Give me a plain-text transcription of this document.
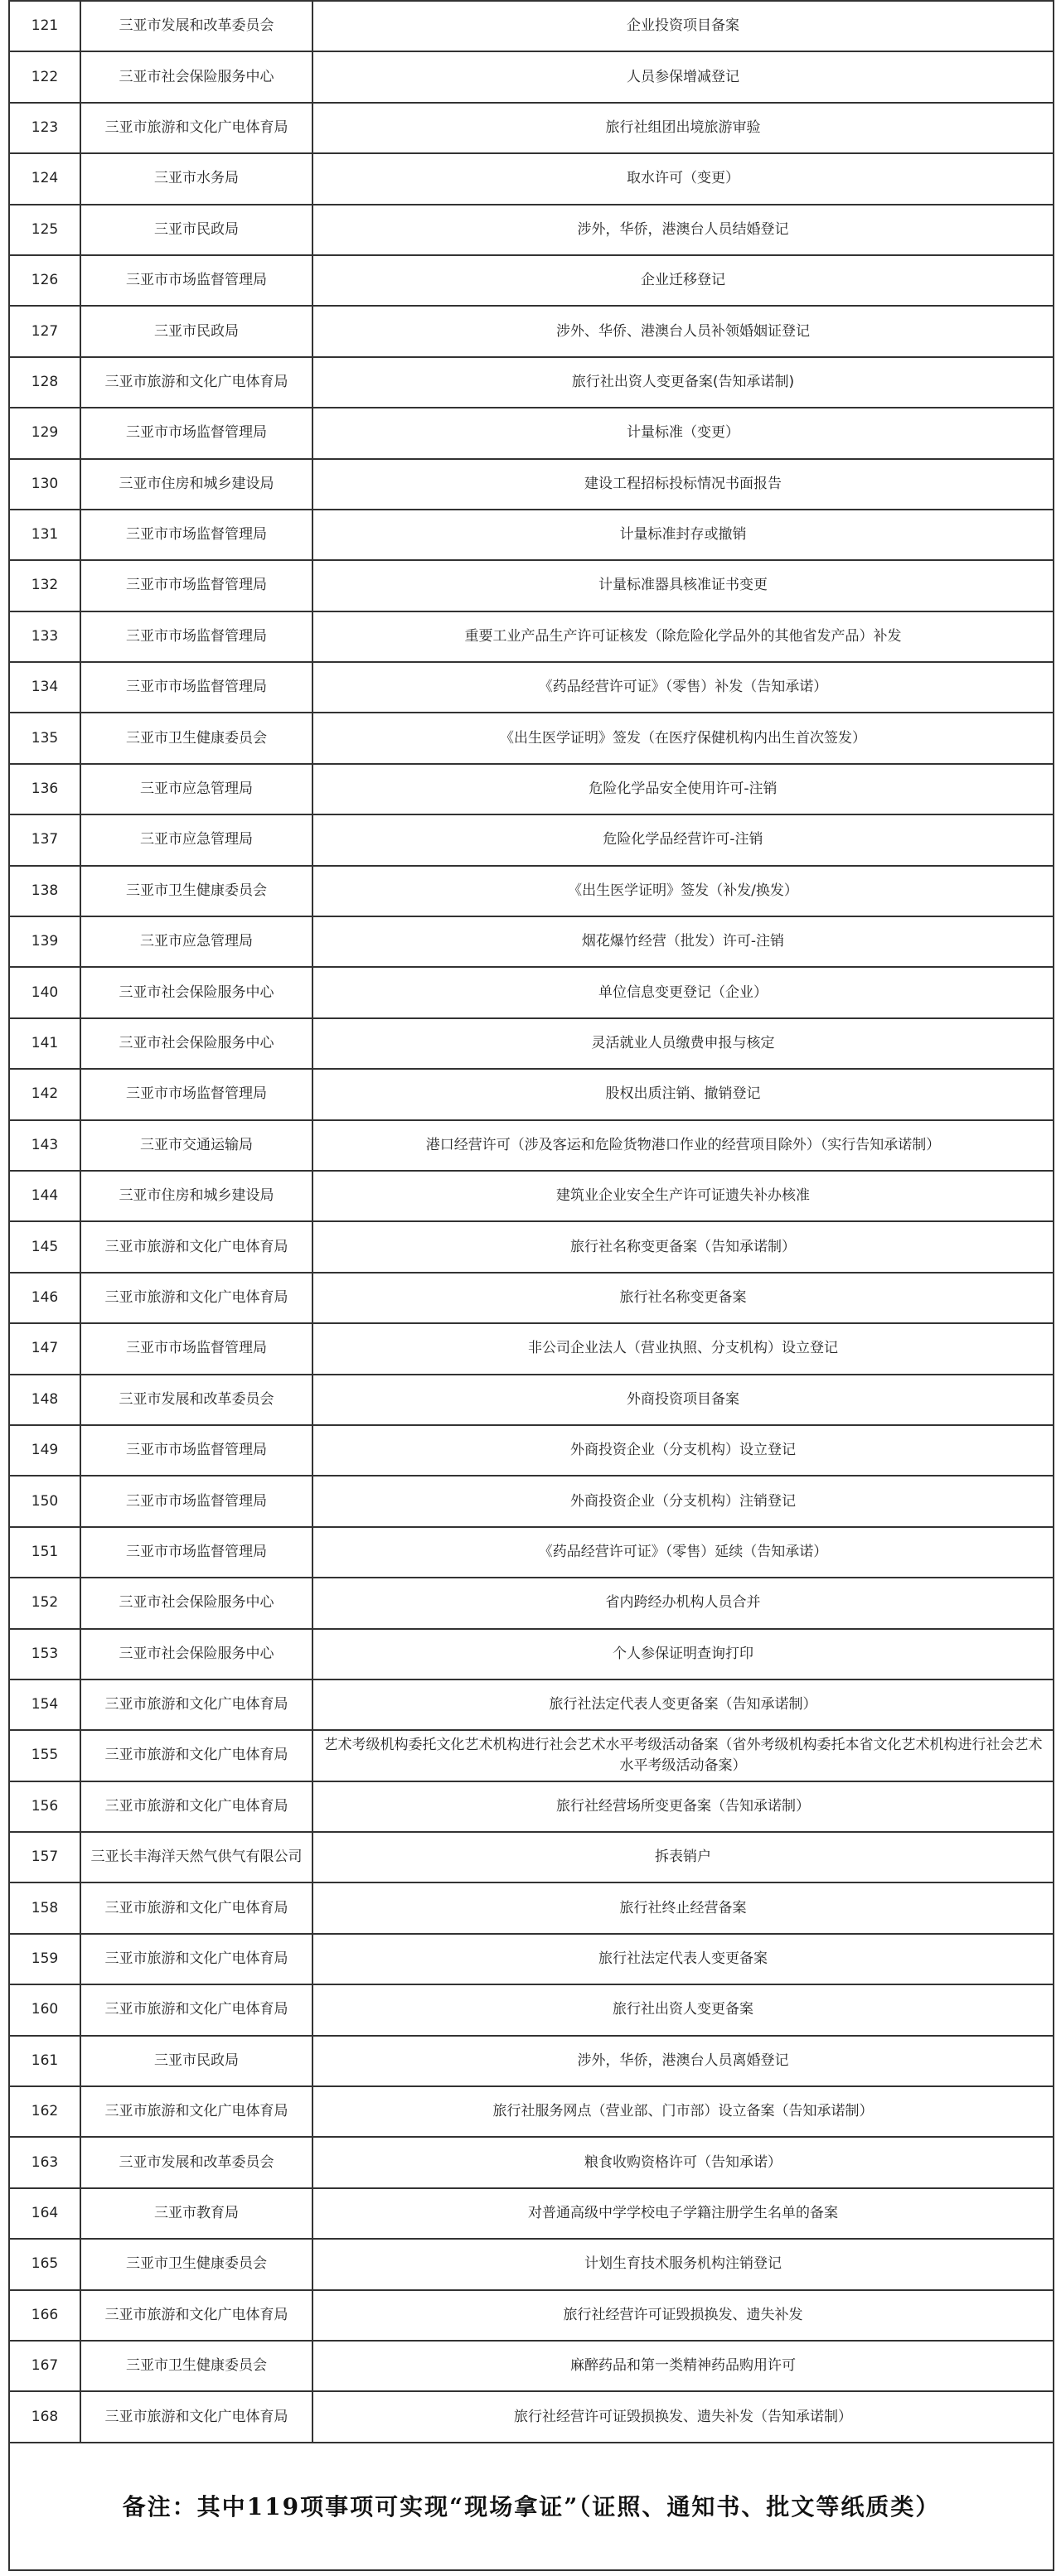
121	三亚市发展和改革委员会	企业投资项目备案
122	三亚市社会保险服务中心	人员参保增减登记
123	三亚市旅游和文化广电体育局	旅行社组团出境旅游审验
124	三亚市水务局	取水许可（变更）
125	三亚市民政局	涉外，华侨，港澳台人员结婚登记
126	三亚市市场监督管理局	企业迁移登记
127	三亚市民政局	涉外、华侨、港澳台人员补领婚姻证登记
128	三亚市旅游和文化广电体育局	旅行社出资人变更备案(告知承诺制)
129	三亚市市场监督管理局	计量标准（变更）
130	三亚市住房和城乡建设局	建设工程招标投标情况书面报告
131	三亚市市场监督管理局	计量标准封存或撤销
132	三亚市市场监督管理局	计量标准器具核准证书变更
133	三亚市市场监督管理局	重要工业产品生产许可证核发（除危险化学品外的其他省发产品）补发
134	三亚市市场监督管理局	《药品经营许可证》（零售）补发（告知承诺）
135	三亚市卫生健康委员会	《出生医学证明》签发（在医疗保健机构内出生首次签发）
136	三亚市应急管理局	危险化学品安全使用许可-注销
137	三亚市应急管理局	危险化学品经营许可-注销
138	三亚市卫生健康委员会	《出生医学证明》签发（补发/换发）
139	三亚市应急管理局	烟花爆竹经营（批发）许可-注销
140	三亚市社会保险服务中心	单位信息变更登记（企业）
141	三亚市社会保险服务中心	灵活就业人员缴费申报与核定
142	三亚市市场监督管理局	股权出质注销、撤销登记
143	三亚市交通运输局	港口经营许可（涉及客运和危险货物港口作业的经营项目除外）（实行告知承诺制）
144	三亚市住房和城乡建设局	建筑业企业安全生产许可证遗失补办核准
145	三亚市旅游和文化广电体育局	旅行社名称变更备案（告知承诺制）
146	三亚市旅游和文化广电体育局	旅行社名称变更备案
147	三亚市市场监督管理局	非公司企业法人（营业执照、分支机构）设立登记
148	三亚市发展和改革委员会	外商投资项目备案
149	三亚市市场监督管理局	外商投资企业（分支机构）设立登记
150	三亚市市场监督管理局	外商投资企业（分支机构）注销登记
151	三亚市市场监督管理局	《药品经营许可证》（零售）延续（告知承诺）
152	三亚市社会保险服务中心	省内跨经办机构人员合并
153	三亚市社会保险服务中心	个人参保证明查询打印
154	三亚市旅游和文化广电体育局	旅行社法定代表人变更备案（告知承诺制）
155	三亚市旅游和文化广电体育局	艺术考级机构委托文化艺术机构进行社会艺术水平考级活动备案（省外考级机构委托本省文化艺术机构进行社会艺术水平考级活动备案）
156	三亚市旅游和文化广电体育局	旅行社经营场所变更备案（告知承诺制）
157	三亚长丰海洋天然气供气有限公司	拆表销户
158	三亚市旅游和文化广电体育局	旅行社终止经营备案
159	三亚市旅游和文化广电体育局	旅行社法定代表人变更备案
160	三亚市旅游和文化广电体育局	旅行社出资人变更备案
161	三亚市民政局	涉外，华侨，港澳台人员离婚登记
162	三亚市旅游和文化广电体育局	旅行社服务网点（营业部、门市部）设立备案（告知承诺制）
163	三亚市发展和改革委员会	粮食收购资格许可（告知承诺）
164	三亚市教育局	对普通高级中学学校电子学籍注册学生名单的备案
165	三亚市卫生健康委员会	计划生育技术服务机构注销登记
166	三亚市旅游和文化广电体育局	旅行社经营许可证毁损换发、遗失补发
167	三亚市卫生健康委员会	麻醉药品和第一类精神药品购用许可
168	三亚市旅游和文化广电体育局	旅行社经营许可证毁损换发、遗失补发（告知承诺制）
备注：其中119项事项可实现“现场拿证”（证照、通知书、批文等纸质类）
